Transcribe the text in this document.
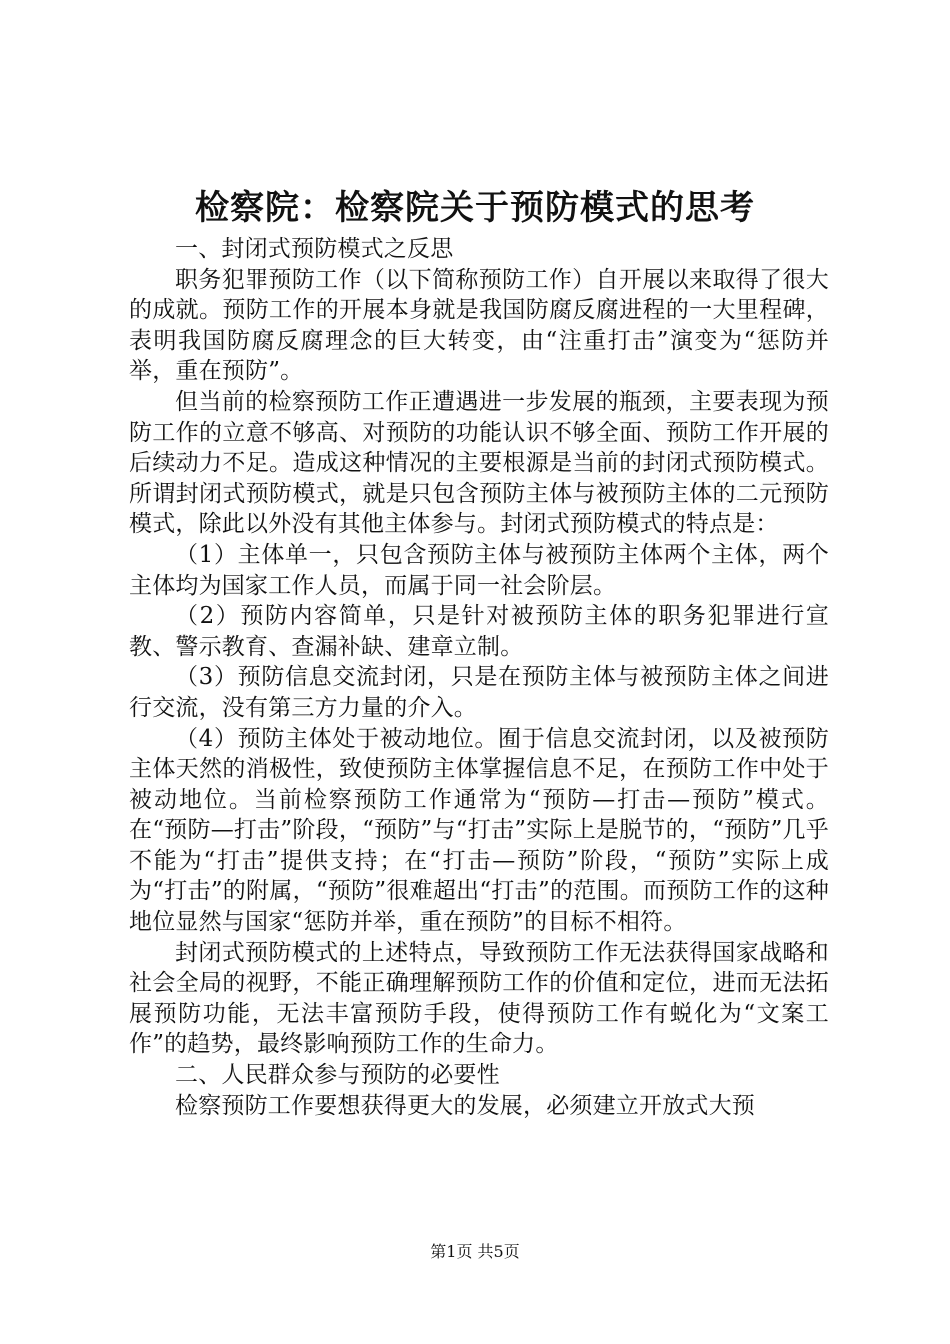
检察院：检察院关于预防模式的思考

一、封闭式预防模式之反思

职务犯罪预防工作（以下简称预防工作）自开展以来取得了很大的成就。预防工作的开展本身就是我国防腐反腐进程的一大里程碑，表明我国防腐反腐理念的巨大转变，由“注重打击”演变为“惩防并举，重在预防”。

但当前的检察预防工作正遭遇进一步发展的瓶颈，主要表现为预防工作的立意不够高、对预防的功能认识不够全面、预防工作开展的后续动力不足。造成这种情况的主要根源是当前的封闭式预防模式。所谓封闭式预防模式，就是只包含预防主体与被预防主体的二元预防模式，除此以外没有其他主体参与。封闭式预防模式的特点是：

（1）主体单一，只包含预防主体与被预防主体两个主体，两个主体均为国家工作人员，而属于同一社会阶层。

（2）预防内容简单，只是针对被预防主体的职务犯罪进行宣教、警示教育、查漏补缺、建章立制。

（3）预防信息交流封闭，只是在预防主体与被预防主体之间进行交流，没有第三方力量的介入。

（4）预防主体处于被动地位。囿于信息交流封闭，以及被预防主体天然的消极性，致使预防主体掌握信息不足，在预防工作中处于被动地位。当前检察预防工作通常为“预防—打击—预防”模式。在“预防—打击”阶段，“预防”与“打击”实际上是脱节的，“预防”几乎不能为“打击”提供支持；在“打击—预防”阶段，“预防”实际上成为“打击”的附属，“预防”很难超出“打击”的范围。而预防工作的这种地位显然与国家“惩防并举，重在预防”的目标不相符。

封闭式预防模式的上述特点，导致预防工作无法获得国家战略和社会全局的视野，不能正确理解预防工作的价值和定位，进而无法拓展预防功能，无法丰富预防手段，使得预防工作有蜕化为“文案工作”的趋势，最终影响预防工作的生命力。

二、人民群众参与预防的必要性

检察预防工作要想获得更大的发展，必须建立开放式大预

第1页 共5页
